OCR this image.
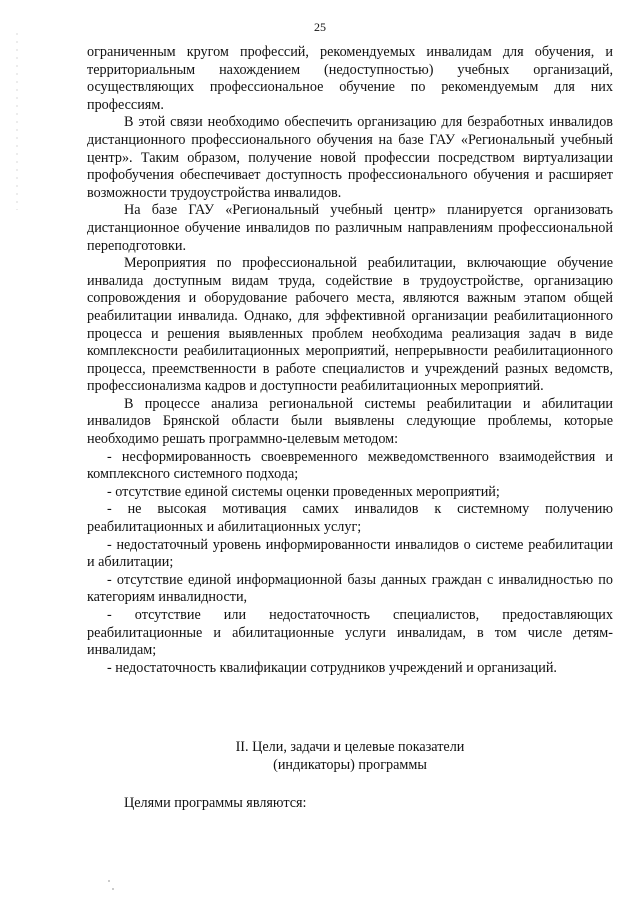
25

ограниченным кругом профессий, рекомендуемых инвалидам для обучения, и территориальным нахождением (недоступностью) учебных организаций, осуществляющих профессиональное обучение по рекомендуемым для них профессиям.

В этой связи необходимо обеспечить организацию для безработных инвалидов дистанционного профессионального обучения на базе ГАУ «Региональный учебный центр». Таким образом, получение новой профессии посредством виртуализации профобучения обеспечивает доступность профессионального обучения и расширяет возможности трудоустройства инвалидов.

На базе ГАУ «Региональный учебный центр» планируется организовать дистанционное обучение инвалидов по различным направлениям профессиональной переподготовки.

Мероприятия по профессиональной реабилитации, включающие обучение инвалида доступным видам труда, содействие в трудоустройстве, организацию сопровождения и оборудование рабочего места, являются важным этапом общей реабилитации инвалида. Однако, для эффективной организации реабилитационного процесса и решения выявленных проблем необходима реализация задач в виде комплексности реабилитационных мероприятий, непрерывности реабилитационного процесса, преемственности в работе специалистов и учреждений разных ведомств, профессионализма кадров и доступности реабилитационных мероприятий.

В процессе анализа региональной системы реабилитации и абилитации инвалидов Брянской области были выявлены следующие проблемы, которые необходимо решать программно-целевым методом:

- несформированность своевременного межведомственного взаимодействия и комплексного системного подхода;

- отсутствие единой системы оценки проведенных мероприятий;

- не высокая мотивация самих инвалидов к системному получению реабилитационных и абилитационных услуг;

- недостаточный уровень информированности инвалидов о системе реабилитации и абилитации;

- отсутствие единой информационной базы данных граждан с инвалидностью по категориям инвалидности,

- отсутствие или недостаточность специалистов, предоставляющих реабилитационные и абилитационные услуги инвалидам, в том числе детям-инвалидам;

- недостаточность квалификации сотрудников учреждений и организаций.

II. Цели, задачи и целевые показатели
(индикаторы) программы
Целями программы являются:
